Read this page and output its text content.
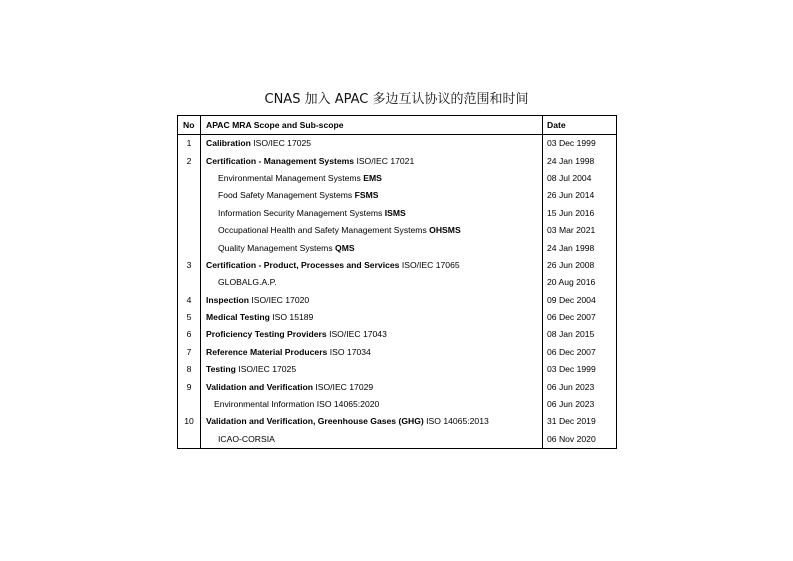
CNAS 加入 APAC 多边互认协议的范围和时间
No	APAC MRA Scope and Sub-scope	Date
1	Calibration ISO/IEC 17025	03 Dec 1999
2	Certification - Management Systems ISO/IEC 17021	24 Jan 1998
	Environmental Management Systems EMS	08 Jul 2004
	Food Safety Management Systems FSMS	26 Jun 2014
	Information Security Management Systems ISMS	15 Jun 2016
	Occupational Health and Safety Management Systems OHSMS	03 Mar 2021
	Quality Management Systems QMS	24 Jan 1998
3	Certification - Product, Processes and Services ISO/IEC 17065	26 Jun 2008
	GLOBALG.A.P.	20 Aug 2016
4	Inspection ISO/IEC 17020	09 Dec 2004
5	Medical Testing ISO 15189	06 Dec 2007
6	Proficiency Testing Providers ISO/IEC 17043	08 Jan 2015
7	Reference Material Producers ISO 17034	06 Dec 2007
8	Testing ISO/IEC 17025	03 Dec 1999
9	Validation and Verification ISO/IEC 17029	06 Jun 2023
	Environmental Information ISO 14065:2020	06 Jun 2023
10	Validation and Verification, Greenhouse Gases (GHG) ISO 14065:2013	31 Dec 2019
	ICAO-CORSIA	06 Nov 2020
